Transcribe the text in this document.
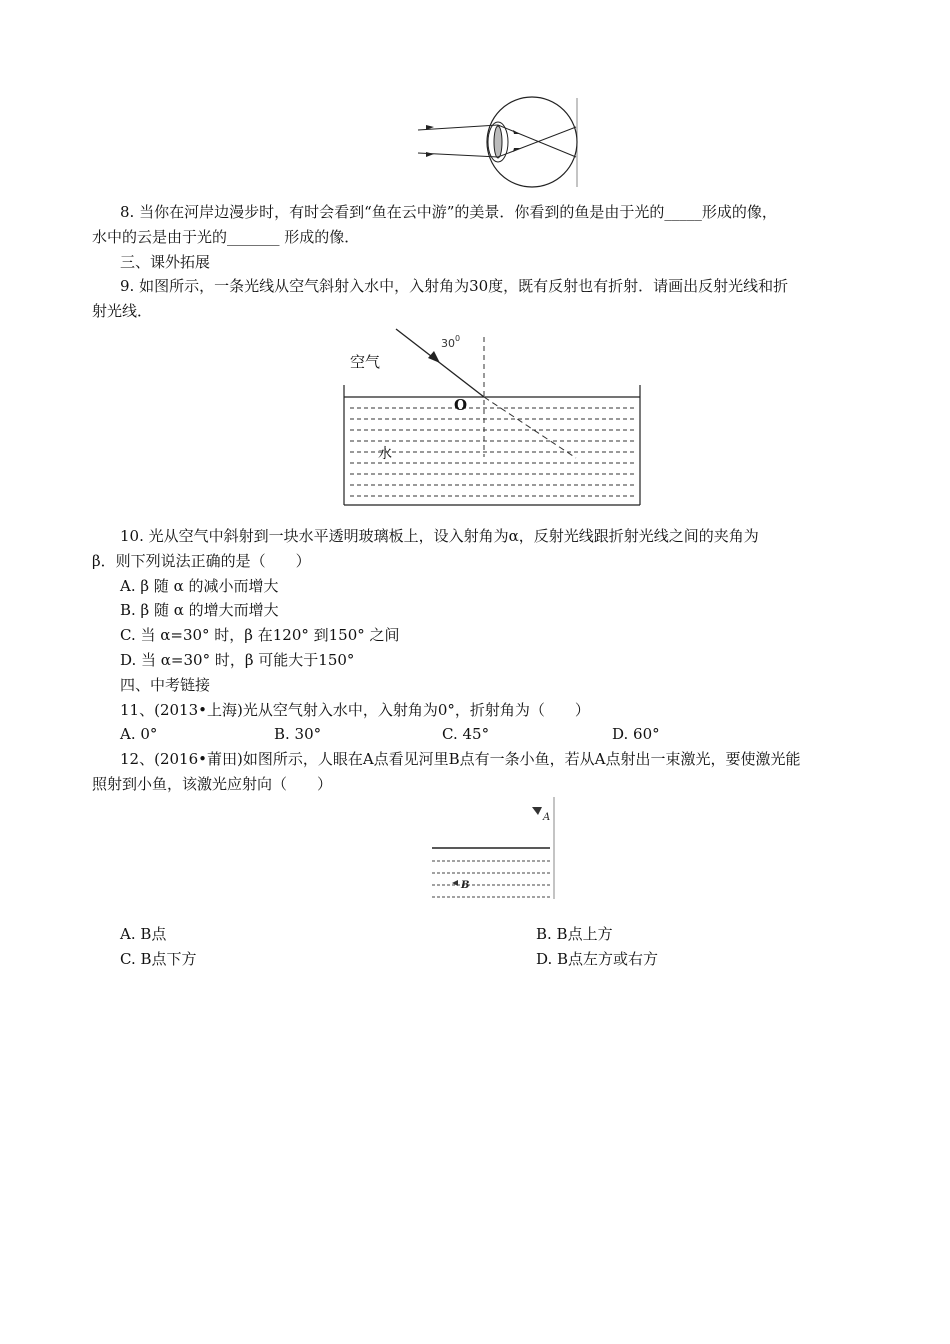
8. 当你在河岸边漫步时，有时会看到“鱼在云中游”的美景．你看到的鱼是由于光的_____形成的像，
水中的云是由于光的_______ 形成的像．
三、课外拓展
9. 如图所示，一条光线从空气斜射入水中，入射角为30度，既有反射也有折射．请画出反射光线和折
射光线．
30 0
空气
O
水
10. 光从空气中斜射到一块水平透明玻璃板上，设入射角为α，反射光线跟折射光线之间的夹角为
β．则下列说法正确的是（　　）
A. β 随 α 的减小而增大
B. β 随 α 的增大而增大
C. 当 α=30° 时，β 在120° 到150° 之间
D. 当 α=30° 时，β 可能大于150°
四、中考链接
11、(2013•上海)光从空气射入水中，入射角为0°，折射角为（　　）
A. 0°	B. 30°	C. 45°	D. 60°
12、(2016•莆田)如图所示，人眼在A点看见河里B点有一条小鱼，若从A点射出一束激光，要使激光能
照射到小鱼，该激光应射向（　　）
A
B
A. B点	B. B点上方
C. B点下方	D. B点左方或右方
